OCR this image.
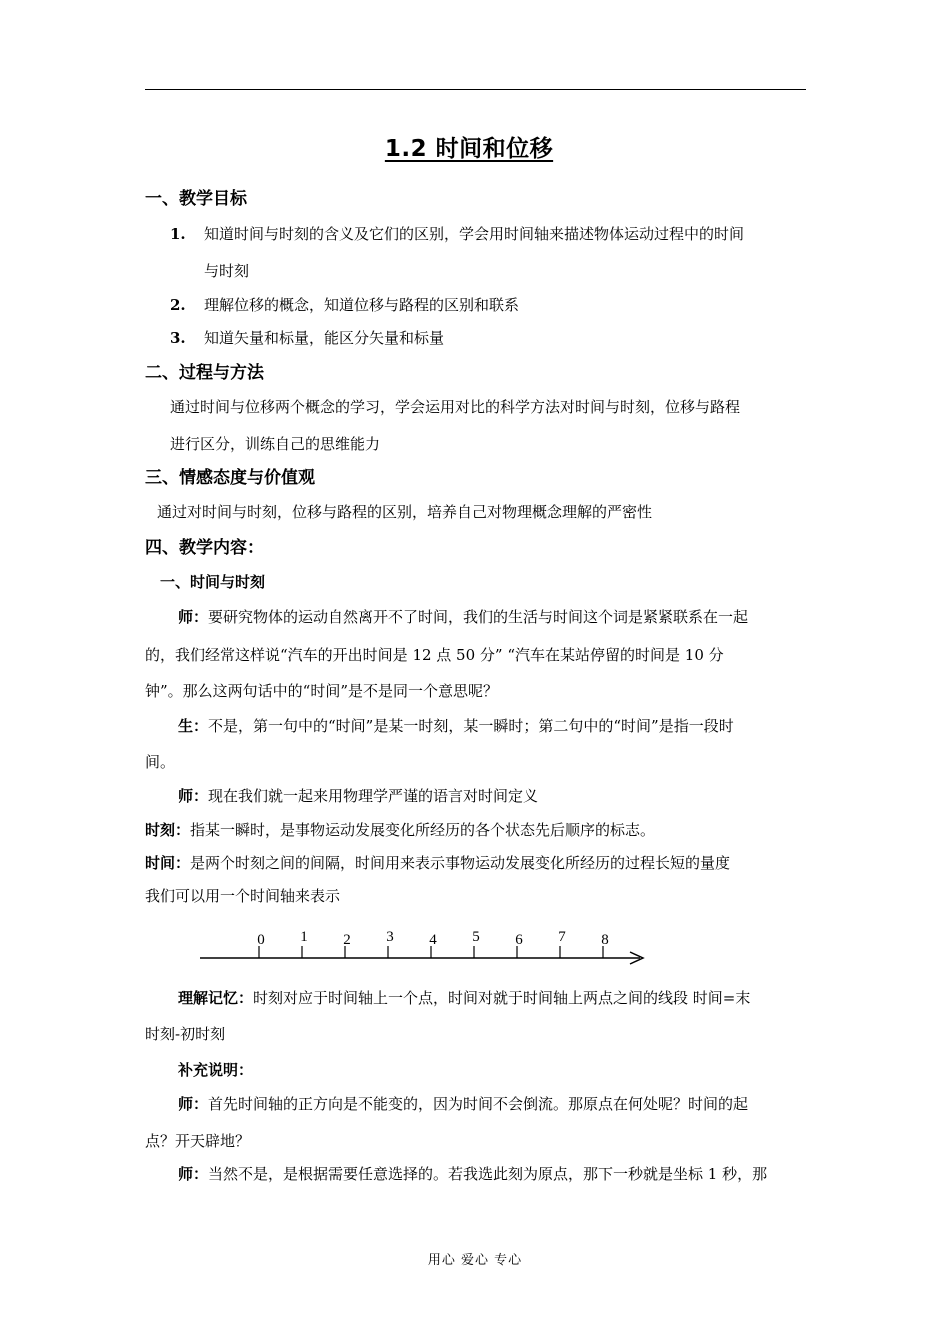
1.2 时间和位移
一、教学目标
1. 知道时间与时刻的含义及它们的区别，学会用时间轴来描述物体运动过程中的时间
与时刻
2. 理解位移的概念，知道位移与路程的区别和联系
3. 知道矢量和标量，能区分矢量和标量
二、过程与方法
通过时间与位移两个概念的学习，学会运用对比的科学方法对时间与时刻，位移与路程
进行区分，训练自己的思维能力
三、情感态度与价值观
通过对时间与时刻，位移与路程的区别，培养自己对物理概念理解的严密性
四、教学内容：
一、时间与时刻
师：要研究物体的运动自然离开不了时间，我们的生活与时间这个词是紧紧联系在一起
的，我们经常这样说“汽车的开出时间是 12 点 50 分” “汽车在某站停留的时间是 10 分
钟”。那么这两句话中的“时间”是不是同一个意思呢？
生：不是，第一句中的“时间”是某一时刻，某一瞬时；第二句中的“时间”是指一段时
间。
师：现在我们就一起来用物理学严谨的语言对时间定义
时刻：指某一瞬时，是事物运动发展变化所经历的各个状态先后顺序的标志。
时间：是两个时刻之间的间隔，时间用来表示事物运动发展变化所经历的过程长短的量度
我们可以用一个时间轴来表示
0 1 2 3 4 5 6 7 8
理解记忆：时刻对应于时间轴上一个点，时间对就于时间轴上两点之间的线段 时间=末
时刻-初时刻
补充说明：
师：首先时间轴的正方向是不能变的，因为时间不会倒流。那原点在何处呢？时间的起
点？开天辟地？
师：当然不是，是根据需要任意选择的。若我选此刻为原点，那下一秒就是坐标 1 秒，那
用心 爱心 专心
